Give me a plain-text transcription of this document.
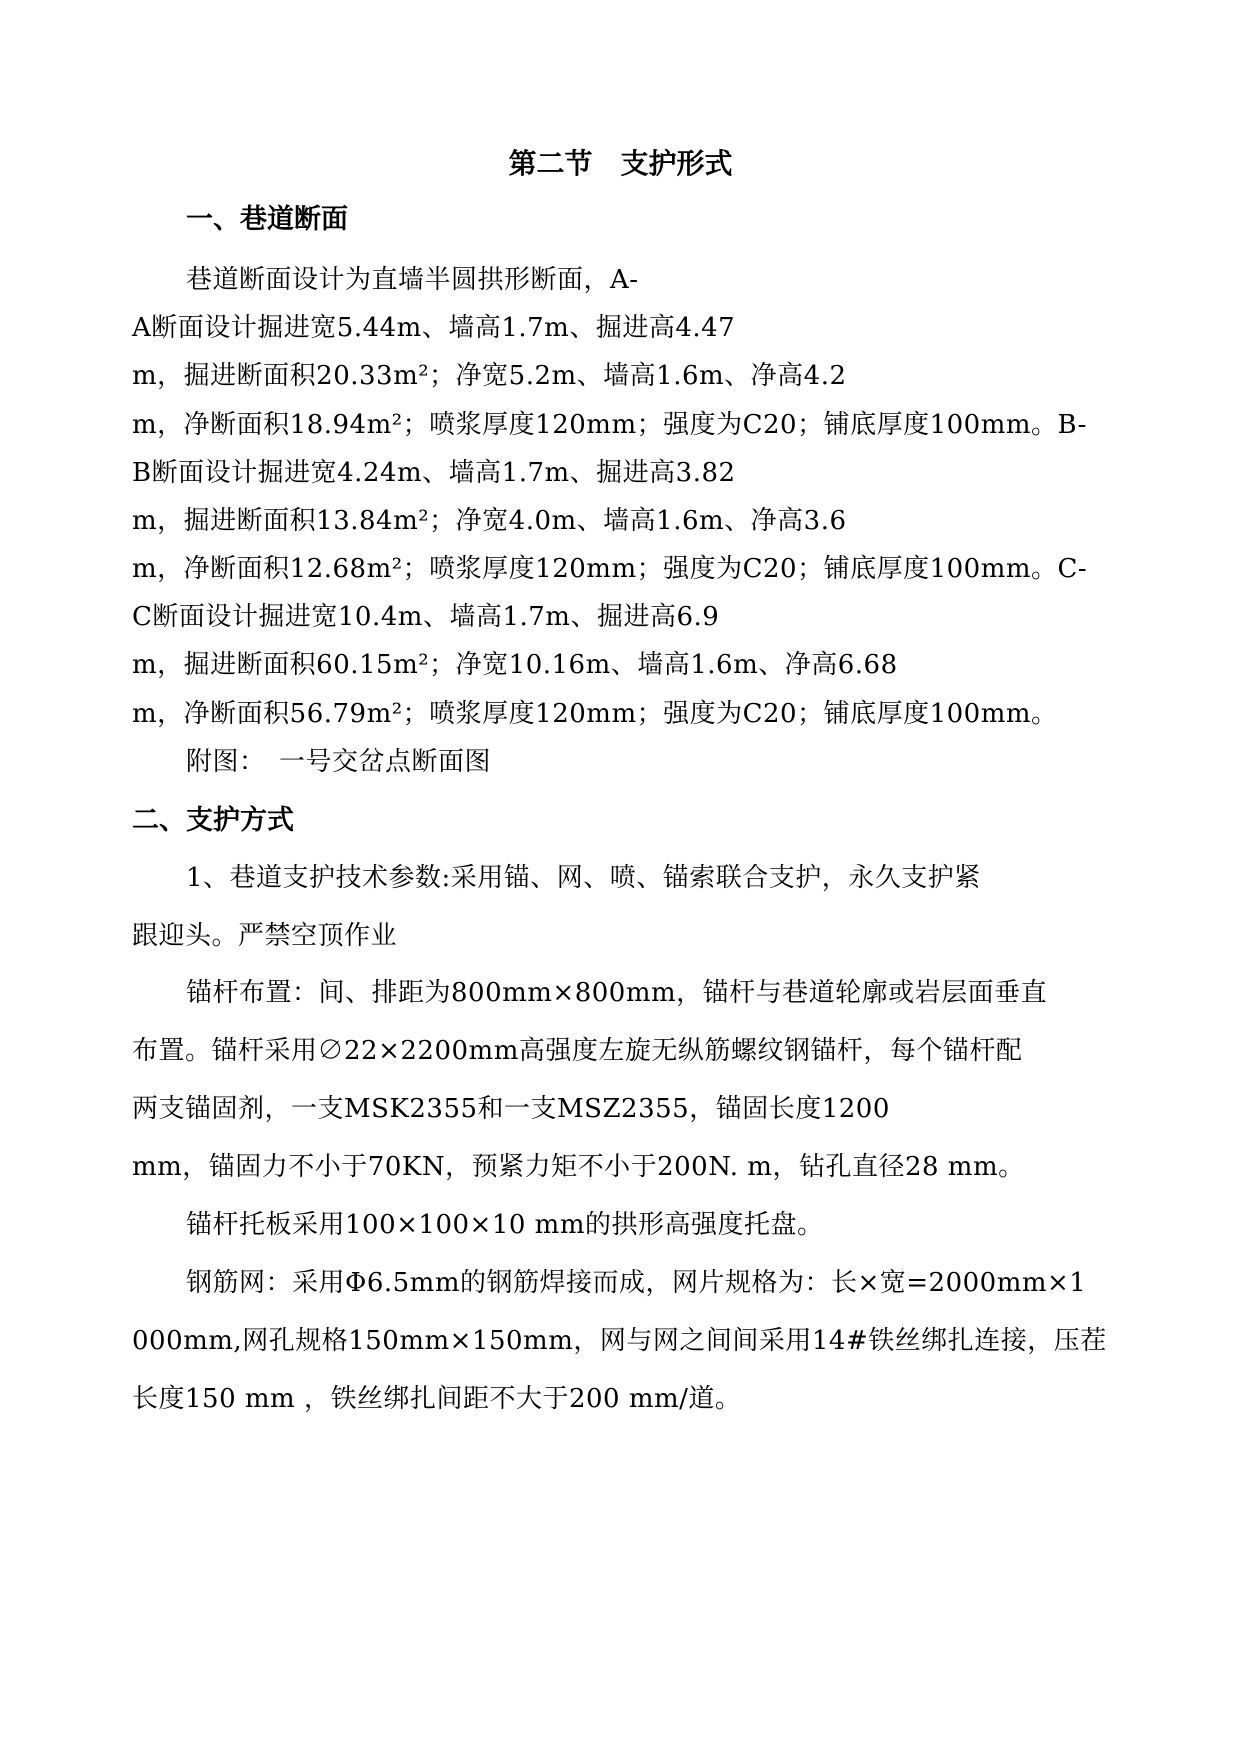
第二节　支护形式
一、巷道断面
巷道断面设计为直墙半圆拱形断面，A-
A断面设计掘进宽5.44m、墙高1.7m、掘进高4.47
m，掘进断面积20.33m²；净宽5.2m、墙高1.6m、净高4.2
m，净断面积18.94m²；喷浆厚度120mm；强度为C20；铺底厚度100mm。B-
B断面设计掘进宽4.24m、墙高1.7m、掘进高3.82
m，掘进断面积13.84m²；净宽4.0m、墙高1.6m、净高3.6
m，净断面积12.68m²；喷浆厚度120mm；强度为C20；铺底厚度100mm。C-
C断面设计掘进宽10.4m、墙高1.7m、掘进高6.9
m，掘进断面积60.15m²；净宽10.16m、墙高1.6m、净高6.68
m，净断面积56.79m²；喷浆厚度120mm；强度为C20；铺底厚度100mm。
附图：　一号交岔点断面图
二、支护方式
1、巷道支护技术参数:采用锚、网、喷、锚索联合支护，永久支护紧
跟迎头。严禁空顶作业
锚杆布置：间、排距为800mm×800mm，锚杆与巷道轮廓或岩层面垂直
布置。锚杆采用∅22×2200mm高强度左旋无纵筋螺纹钢锚杆，每个锚杆配
两支锚固剂，一支MSK2355和一支MSZ2355，锚固长度1200
mm，锚固力不小于70KN，预紧力矩不小于200N. m，钻孔直径28 mm。
锚杆托板采用100×100×10 mm的拱形高强度托盘。
钢筋网：采用Φ6.5mm的钢筋焊接而成，网片规格为：长×宽=2000mm×1
000mm,网孔规格150mm×150mm，网与网之间间采用14#铁丝绑扎连接，压茬
长度150 mm ，铁丝绑扎间距不大于200 mm/道。
